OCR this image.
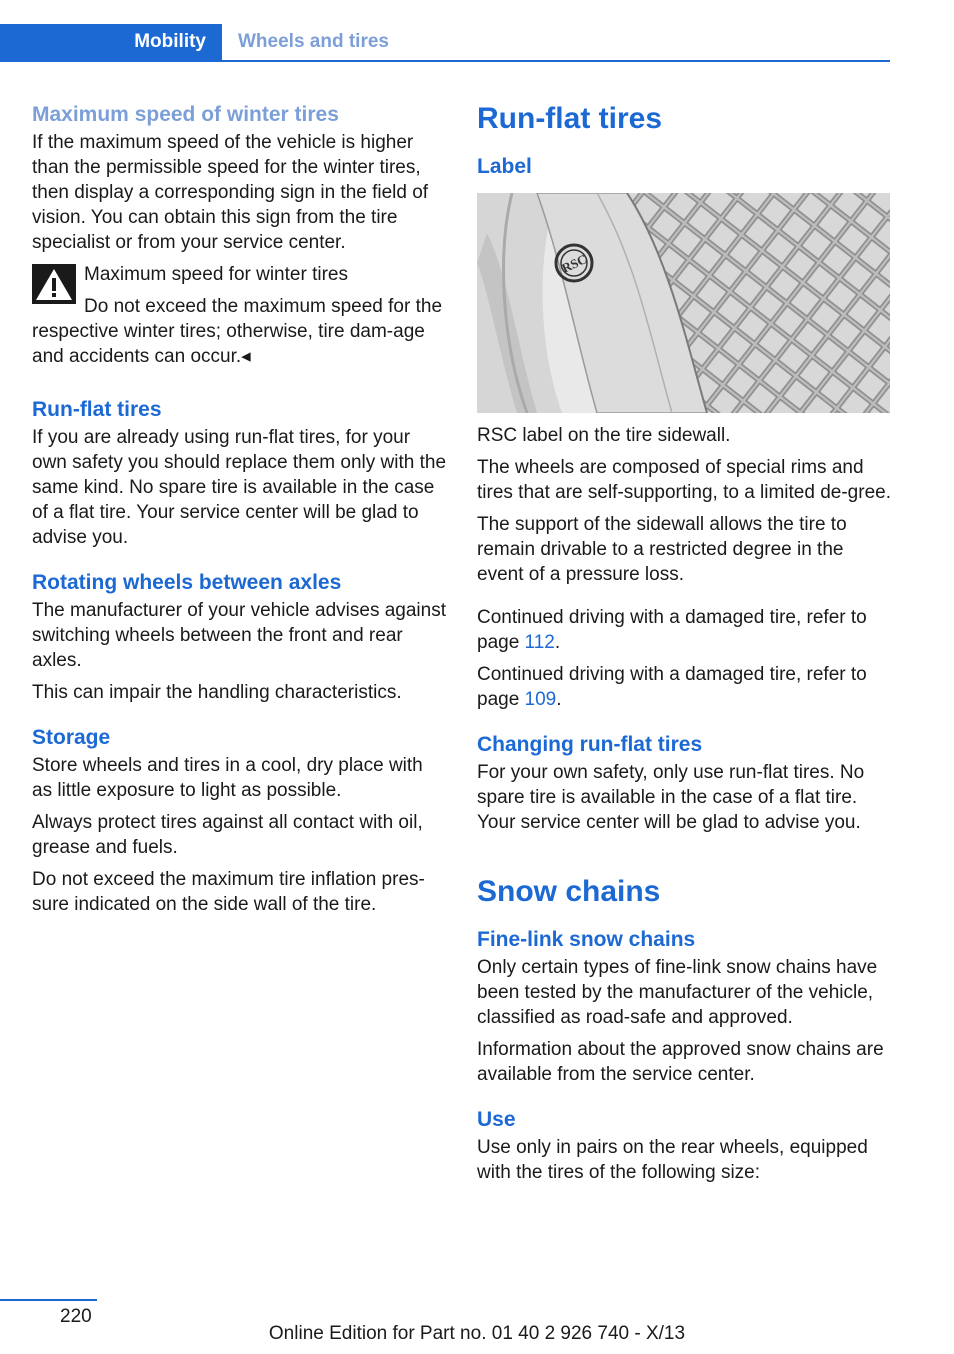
Mobility	Wheels and tires
Maximum speed of winter tires

If the maximum speed of the vehicle is higher than the permissible speed for the winter tires, then display a corresponding sign in the field of vision. You can obtain this sign from the tire specialist or from your service center.

Maximum speed for winter tires

Do not exceed the maximum speed for the respective winter tires; otherwise, tire dam-age and accidents can occur.◂

Run-flat tires

If you are already using run-flat tires, for your own safety you should replace them only with the same kind. No spare tire is available in the case of a flat tire. Your service center will be glad to advise you.

Rotating wheels between axles

The manufacturer of your vehicle advises against switching wheels between the front and rear axles.

This can impair the handling characteristics.

Storage

Store wheels and tires in a cool, dry place with as little exposure to light as possible.

Always protect tires against all contact with oil, grease and fuels.

Do not exceed the maximum tire inflation pres-sure indicated on the side wall of the tire.

Run-flat tires
Label
RSC

RSC label on the tire sidewall.

The wheels are composed of special rims and tires that are self-supporting, to a limited de-gree.

The support of the sidewall allows the tire to remain drivable to a restricted degree in the event of a pressure loss.

Continued driving with a damaged tire, refer to page 112.

Continued driving with a damaged tire, refer to page 109.

Changing run-flat tires

For your own safety, only use run-flat tires. No spare tire is available in the case of a flat tire. Your service center will be glad to advise you.

Snow chains
Fine-link snow chains

Only certain types of fine-link snow chains have been tested by the manufacturer of the vehicle, classified as road-safe and approved.

Information about the approved snow chains are available from the service center.

Use

Use only in pairs on the rear wheels, equipped with the tires of the following size:

220
Online Edition for Part no. 01 40 2 926 740 - X/13
